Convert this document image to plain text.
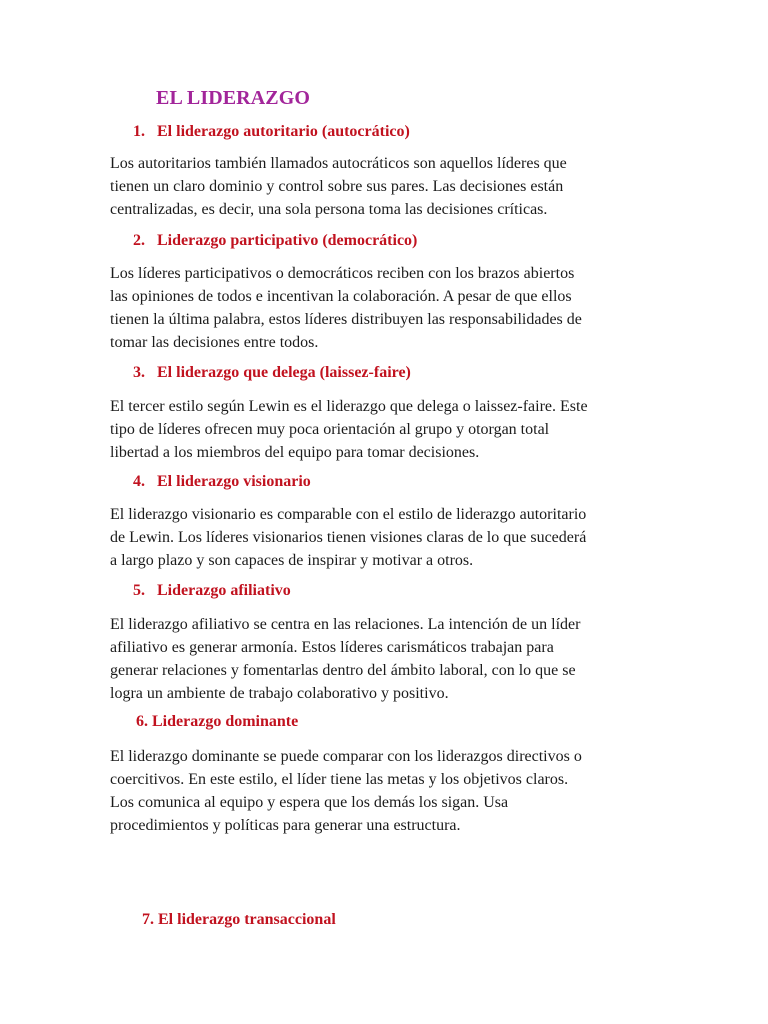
EL LIDERAZGO
1. El liderazgo autoritario (autocrático)
Los autoritarios también llamados autocráticos son aquellos líderes que
tienen un claro dominio y control sobre sus pares. Las decisiones están
centralizadas, es decir, una sola persona toma las decisiones críticas.
2. Liderazgo participativo (democrático)
Los líderes participativos o democráticos reciben con los brazos abiertos
las opiniones de todos e incentivan la colaboración. A pesar de que ellos
tienen la última palabra, estos líderes distribuyen las responsabilidades de
tomar las decisiones entre todos.
3. El liderazgo que delega (laissez-faire)
El tercer estilo según Lewin es el liderazgo que delega o laissez-faire. Este
tipo de líderes ofrecen muy poca orientación al grupo y otorgan total
libertad a los miembros del equipo para tomar decisiones.
4. El liderazgo visionario
El liderazgo visionario es comparable con el estilo de liderazgo autoritario
de Lewin. Los líderes visionarios tienen visiones claras de lo que sucederá
a largo plazo y son capaces de inspirar y motivar a otros.
5. Liderazgo afiliativo
El liderazgo afiliativo se centra en las relaciones. La intención de un líder
afiliativo es generar armonía. Estos líderes carismáticos trabajan para
generar relaciones y fomentarlas dentro del ámbito laboral, con lo que se
logra un ambiente de trabajo colaborativo y positivo.
6. Liderazgo dominante
El liderazgo dominante se puede comparar con los liderazgos directivos o
coercitivos. En este estilo, el líder tiene las metas y los objetivos claros.
Los comunica al equipo y espera que los demás los sigan. Usa
procedimientos y políticas para generar una estructura.
7. El liderazgo transaccional
